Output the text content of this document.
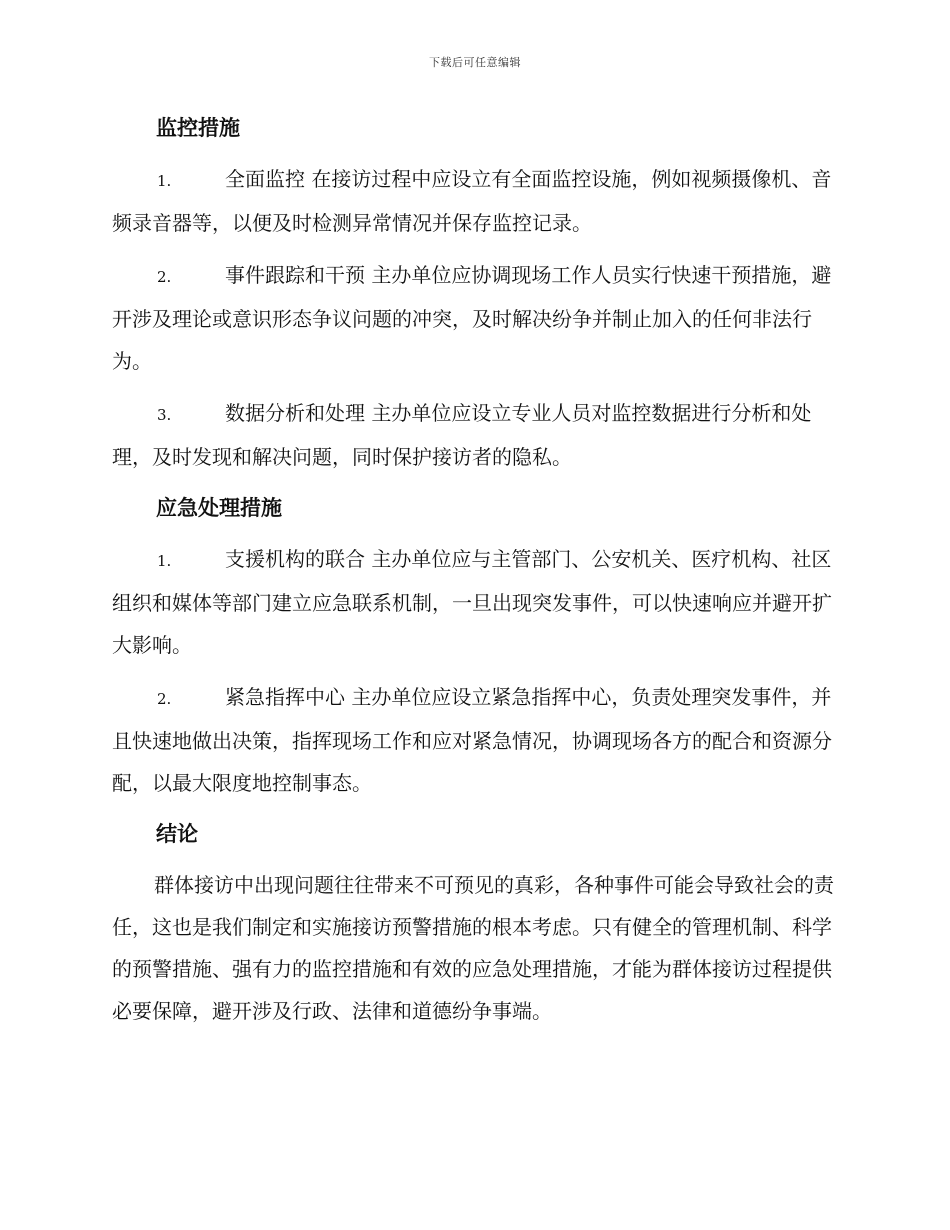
下载后可任意编辑
监控措施
1.	全面监控 在接访过程中应设立有全面监控设施，例如视频摄像机、音频录音器等，以便及时检测异常情况并保存监控记录。
2.	事件跟踪和干预 主办单位应协调现场工作人员实行快速干预措施，避开涉及理论或意识形态争议问题的冲突，及时解决纷争并制止加入的任何非法行为。
3.	数据分析和处理 主办单位应设立专业人员对监控数据进行分析和处理，及时发现和解决问题，同时保护接访者的隐私。
应急处理措施
1.	支援机构的联合 主办单位应与主管部门、公安机关、医疗机构、社区组织和媒体等部门建立应急联系机制，一旦出现突发事件，可以快速响应并避开扩大影响。
2.	紧急指挥中心 主办单位应设立紧急指挥中心，负责处理突发事件，并且快速地做出决策，指挥现场工作和应对紧急情况，协调现场各方的配合和资源分配，以最大限度地控制事态。
结论

群体接访中出现问题往往带来不可预见的真彩，各种事件可能会导致社会的责任，这也是我们制定和实施接访预警措施的根本考虑。只有健全的管理机制、科学的预警措施、强有力的监控措施和有效的应急处理措施，才能为群体接访过程提供必要保障，避开涉及行政、法律和道德纷争事端。
